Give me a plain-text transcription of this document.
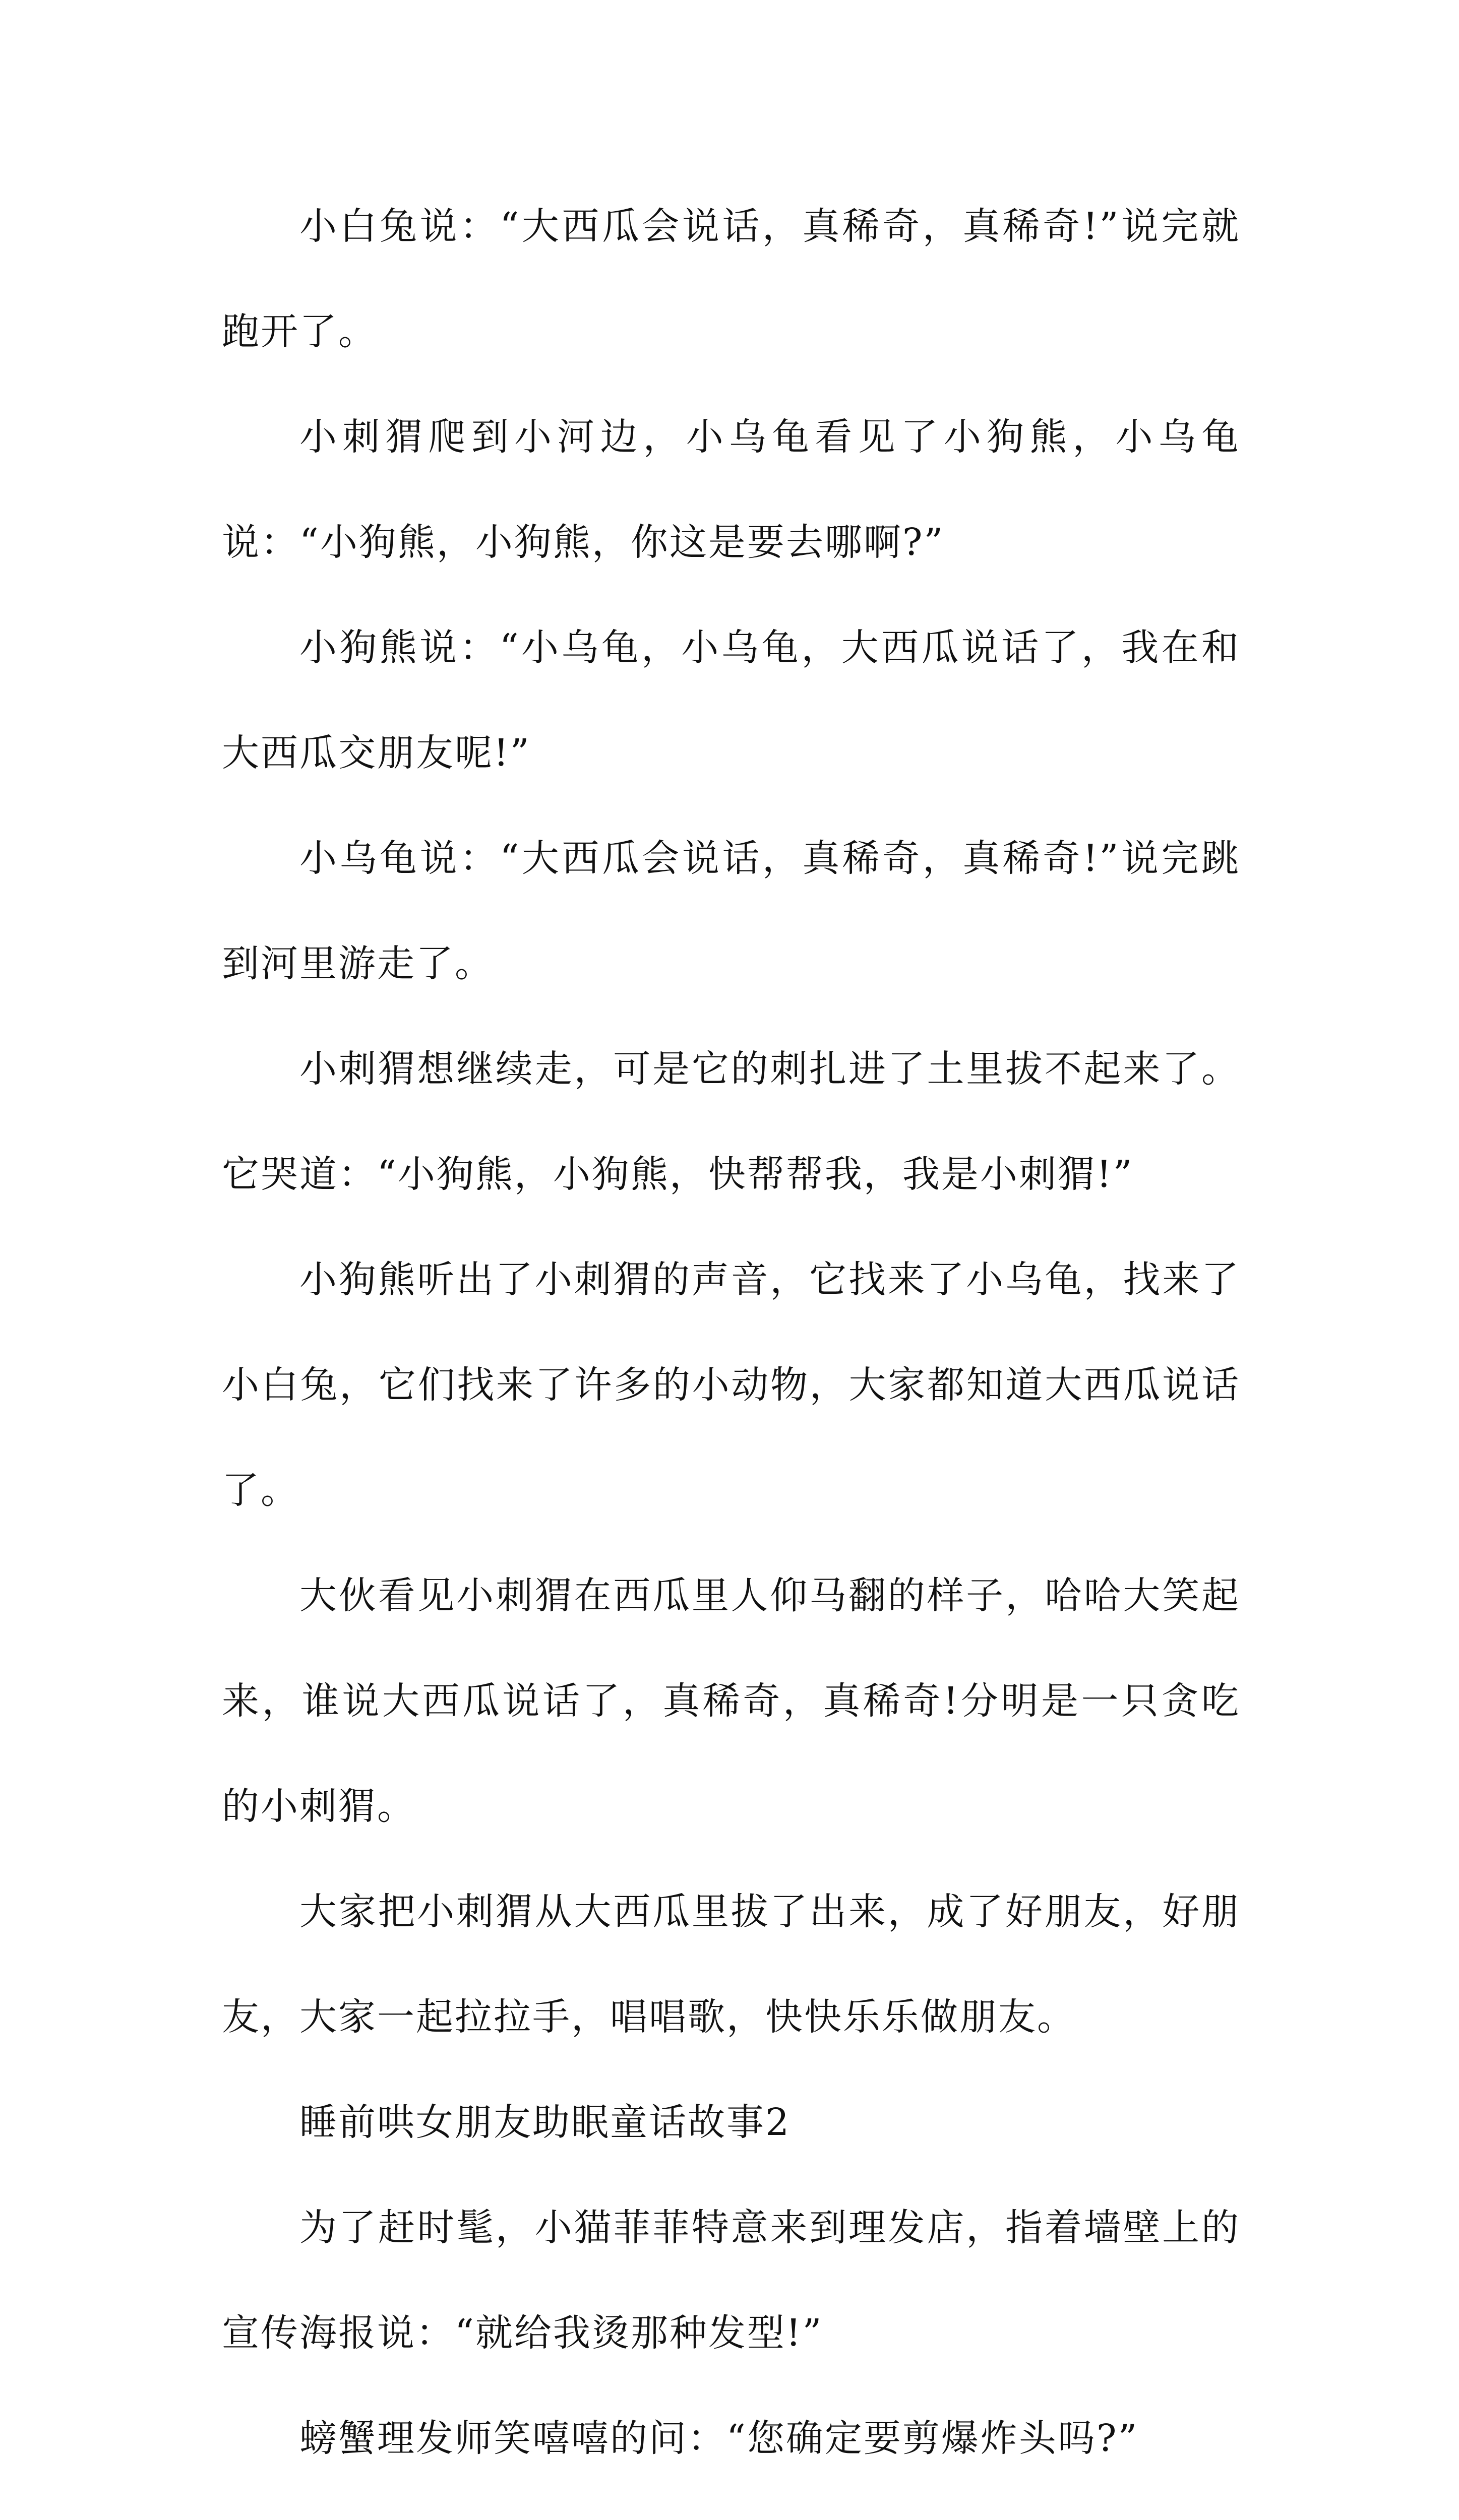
小白兔说：“大西瓜会说话，真稀奇，真稀奇!”说完就跑开了。

小刺猬爬到小河边，小乌龟看见了小狗熊，小乌龟说：“小狗熊，小狗熊，你这是要去哪啊?”

小狗熊说：“小乌龟，小乌龟，大西瓜说话了，我在和大西瓜交朋友呢!”

小乌龟说：“大西瓜会说话，真稀奇，真稀奇!”说完跳到河里游走了。

小刺猬想继续走，可是它的刺扎进了土里拔不起来了。它哭道：“小狗熊，小狗熊，快帮帮我，我是小刺猬!”

小狗熊听出了小刺猬的声音，它找来了小乌龟，找来了小白兔，它们找来了许多的小动物，大家都知道大西瓜说话了。

大伙看见小刺猬在西瓜里人仰马翻的样子，哈哈大笑起来，谁说大西瓜说话了，真稀奇，真稀奇!分明是一只贪吃的小刺猬。

大家把小刺猬从大西瓜里拔了出来，成了好朋友，好朋友，大家一起拉拉手，唱唱歌，快快乐乐做朋友。

睡前哄女朋友助眠童话故事2

为了赶时髦，小猫菲菲特意来到理发店，指着墙壁上的宣传海报说：“就给我烫那种发型!”

螃蟹理发师笑嘻嘻的问：“您确定要剪爆炸头吗?”
